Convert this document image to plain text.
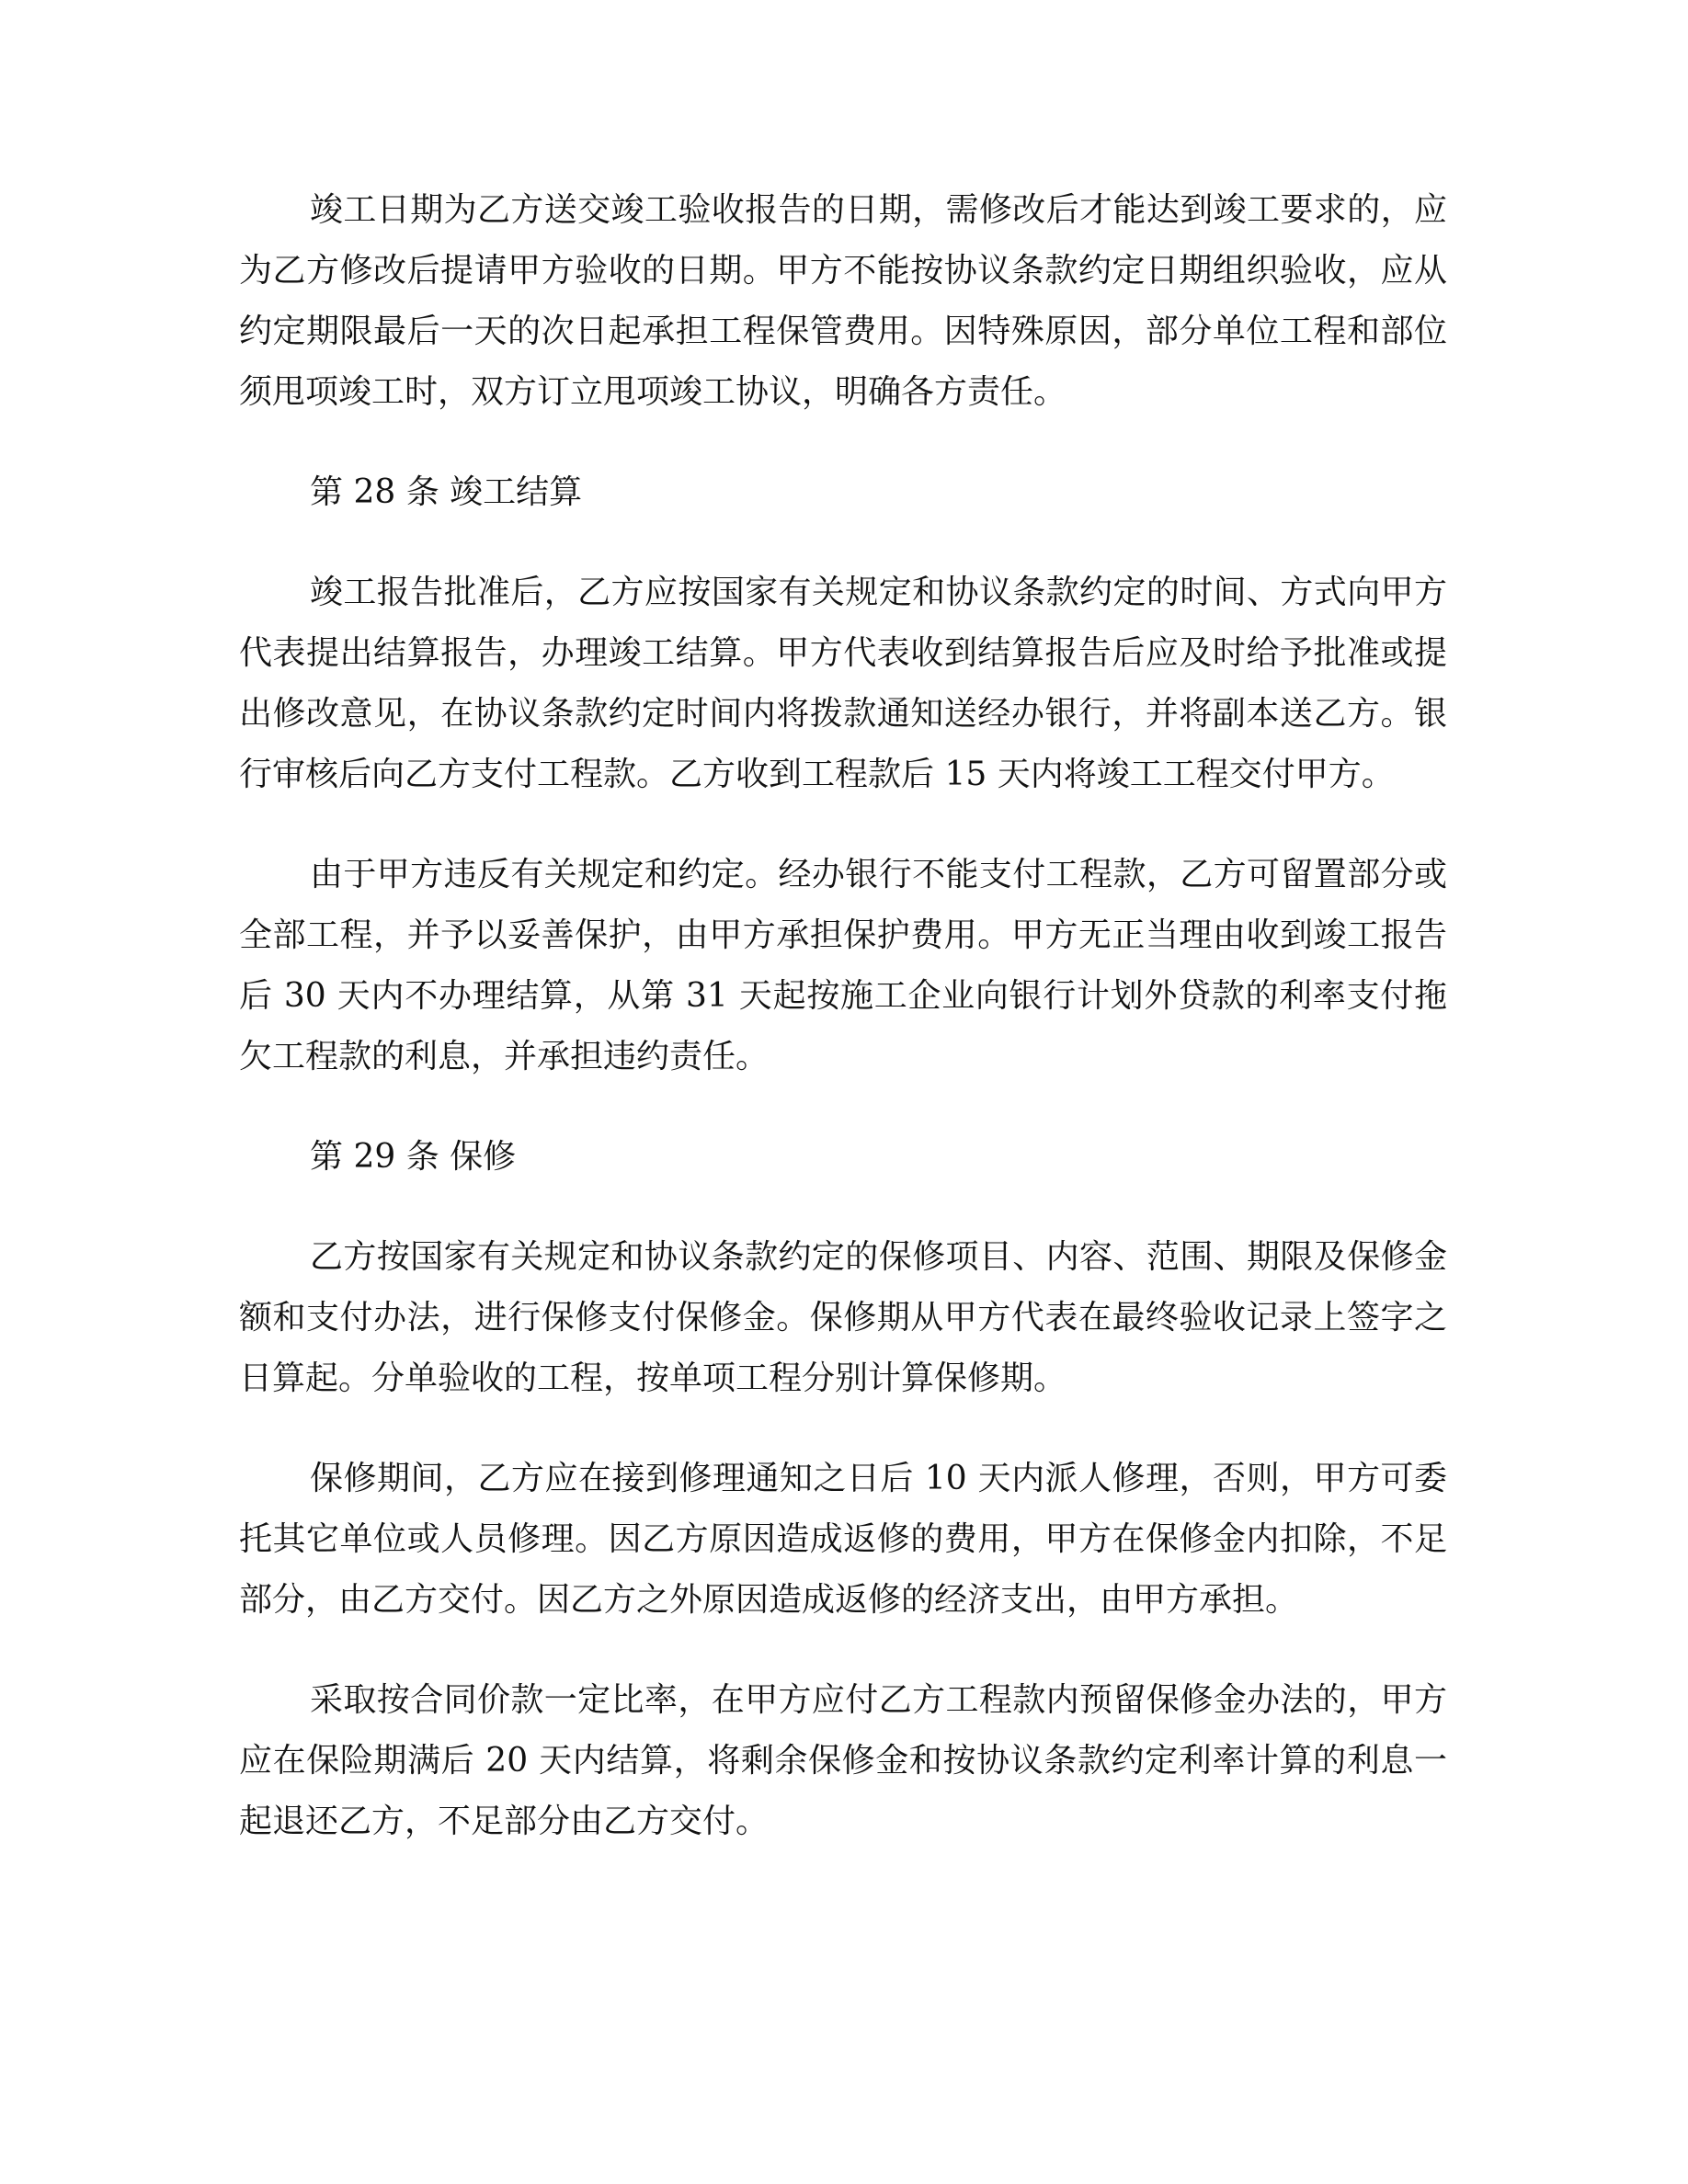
竣工日期为乙方送交竣工验收报告的日期，需修改后才能达到竣工要求的，应为乙方修改后提请甲方验收的日期。甲方不能按协议条款约定日期组织验收，应从约定期限最后一天的次日起承担工程保管费用。因特殊原因，部分单位工程和部位须甩项竣工时，双方订立甩项竣工协议，明确各方责任。

第 28 条 竣工结算

竣工报告批准后，乙方应按国家有关规定和协议条款约定的时间、方式向甲方代表提出结算报告，办理竣工结算。甲方代表收到结算报告后应及时给予批准或提出修改意见，在协议条款约定时间内将拨款通知送经办银行，并将副本送乙方。银行审核后向乙方支付工程款。乙方收到工程款后 15 天内将竣工工程交付甲方。

由于甲方违反有关规定和约定。经办银行不能支付工程款，乙方可留置部分或全部工程，并予以妥善保护，由甲方承担保护费用。甲方无正当理由收到竣工报告后 30 天内不办理结算，从第 31 天起按施工企业向银行计划外贷款的利率支付拖欠工程款的利息，并承担违约责任。

第 29 条 保修

乙方按国家有关规定和协议条款约定的保修项目、内容、范围、期限及保修金额和支付办法，进行保修支付保修金。保修期从甲方代表在最终验收记录上签字之日算起。分单验收的工程，按单项工程分别计算保修期。

保修期间，乙方应在接到修理通知之日后 10 天内派人修理，否则，甲方可委托其它单位或人员修理。因乙方原因造成返修的费用，甲方在保修金内扣除，不足部分，由乙方交付。因乙方之外原因造成返修的经济支出，由甲方承担。

采取按合同价款一定比率，在甲方应付乙方工程款内预留保修金办法的，甲方应在保险期满后 20 天内结算，将剩余保修金和按协议条款约定利率计算的利息一起退还乙方，不足部分由乙方交付。
